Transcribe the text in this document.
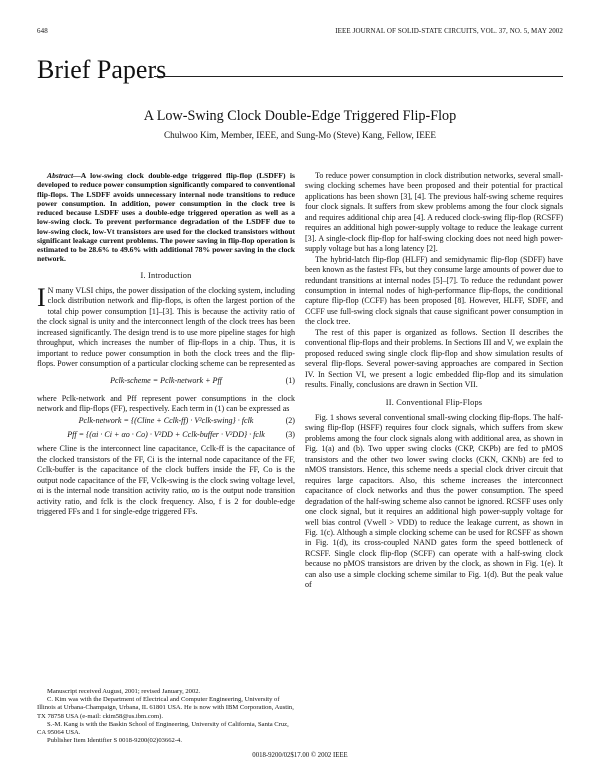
648	IEEE JOURNAL OF SOLID-STATE CIRCUITS, VOL. 37, NO. 5, MAY 2002
Brief Papers
A Low-Swing Clock Double-Edge Triggered Flip-Flop
Chulwoo Kim, Member, IEEE, and Sung-Mo (Steve) Kang, Fellow, IEEE

Abstract—A low-swing clock double-edge triggered flip-flop (LSDFF) is developed to reduce power consumption significantly compared to conventional flip-flops. The LSDFF avoids unnecessary internal node transitions to reduce power consumption. In addition, power consumption in the clock tree is reduced because LSDFF uses a double-edge triggered operation as well as a low-swing clock. To prevent performance degradation of the LSDFF due to low-swing clock, low-Vt transistors are used for the clocked transistors without significant leakage current problems. The power saving in flip-flop operation is estimated to be 28.6% to 49.6% with additional 78% power saving in the clock network.

I. Introduction

I N many VLSI chips, the power dissipation of the clocking system, including clock distribution network and flip-flops, is often the largest portion of the total chip power consumption [1]–[3]. This is because the activity ratio of the clock signal is unity and the interconnect length of the clock trees has been increased significantly. The design trend is to use more pipeline stages for high throughput, which increases the number of flip-flops in a chip. Thus, it is important to reduce power consumption in both the clock trees and the flip-flops. Power consumption of a particular clocking scheme can be represented as

Pclk-scheme = Pclk-network + Pff	(1)

where Pclk-network and Pff represent power consumptions in the clock network and flip-flops (FF), respectively. Each term in (1) can be expressed as

Pclk-network = {(Cline + Cclk-ff) · V²clk-swing} · fclk	(2)
Pff = {(αi · Ci + αo · Co) · V²DD + Cclk-buffer · V²DD} · fclk	(3)

where Cline is the interconnect line capacitance, Cclk-ff is the capacitance of the clocked transistors of the FF, Ci is the internal node capacitance of the FF, Cclk-buffer is the capacitance of the clock buffers inside the FF, Co is the output node capacitance of the FF, Vclk-swing is the clock swing voltage level, αi is the internal node transition activity ratio, αo is the output node transition activity ratio, and fclk is the clock frequency. Also, f is 2 for double-edge triggered FFs and 1 for single-edge triggered FFs.

Manuscript received August, 2001; revised January, 2002.

C. Kim was with the Department of Electrical and Computer Engineering, University of Illinois at Urbana-Champaign, Urbana, IL 61801 USA. He is now with IBM Corporation, Austin, TX 78758 USA (e-mail: ckim58@us.ibm.com).

S.-M. Kang is with the Baskin School of Engineering, University of California, Santa Cruz, CA 95064 USA.

Publisher Item Identifier S 0018-9200(02)03662-4.

To reduce power consumption in clock distribution networks, several small-swing clocking schemes have been proposed and their potential for practical applications has been shown [3], [4]. The previous half-swing scheme requires four clock signals. It suffers from skew problems among the four clock signals and requires additional chip area [4]. A reduced clock-swing flip-flop (RCSFF) requires an additional high power-supply voltage to reduce the leakage current [3]. A single-clock flip-flop for half-swing clocking does not need high power-supply voltage but has a long latency [2].

The hybrid-latch flip-flop (HLFF) and semidynamic flip-flop (SDFF) have been known as the fastest FFs, but they consume large amounts of power due to redundant transitions at internal nodes [5]–[7]. To reduce the redundant power consumption in internal nodes of high-performance flip-flops, the conditional capture flip-flop (CCFF) has been proposed [8]. However, HLFF, SDFF, and CCFF use full-swing clock signals that cause significant power consumption in the clock tree.

The rest of this paper is organized as follows. Section II describes the conventional flip-flops and their problems. In Sections III and V, we explain the proposed reduced swing single clock flip-flop and show simulation results of several flip-flops. Several power-saving approaches are compared in Section IV. In Section VI, we present a logic embedded flip-flop and its simulation results. Finally, conclusions are drawn in Section VII.

II. Conventional Flip-Flops

Fig. 1 shows several conventional small-swing clocking flip-flops. The half-swing flip-flop (HSFF) requires four clock signals, which suffers from skew problems among the four clock signals along with additional area, as shown in Fig. 1(a) and (b). Two upper swing clocks (CKP, CKPb) are fed to pMOS transistors and the other two lower swing clocks (CKN, CKNb) are fed to nMOS transistors. Hence, this scheme needs a special clock driver circuit that requires large capacitors. Also, this scheme increases the interconnect capacitance of clock networks and thus the power consumption. The speed degradation of the half-swing scheme also cannot be ignored. RCSFF uses only one clock signal, but it requires an additional high power-supply voltage for well bias control (Vwell > VDD) to reduce the leakage current, as shown in Fig. 1(c). Although a simple clocking scheme can be used for RCSFF as shown in Fig. 1(d), its cross-coupled NAND gates form the speed bottleneck of RCSFF. Single clock flip-flop (SCFF) can operate with a half-swing clock because no pMOS transistors are driven by the clock, as shown in Fig. 1(e). It can also use a simple clocking scheme similar to Fig. 1(d). But the peak value of

0018-9200/02$17.00 © 2002 IEEE
